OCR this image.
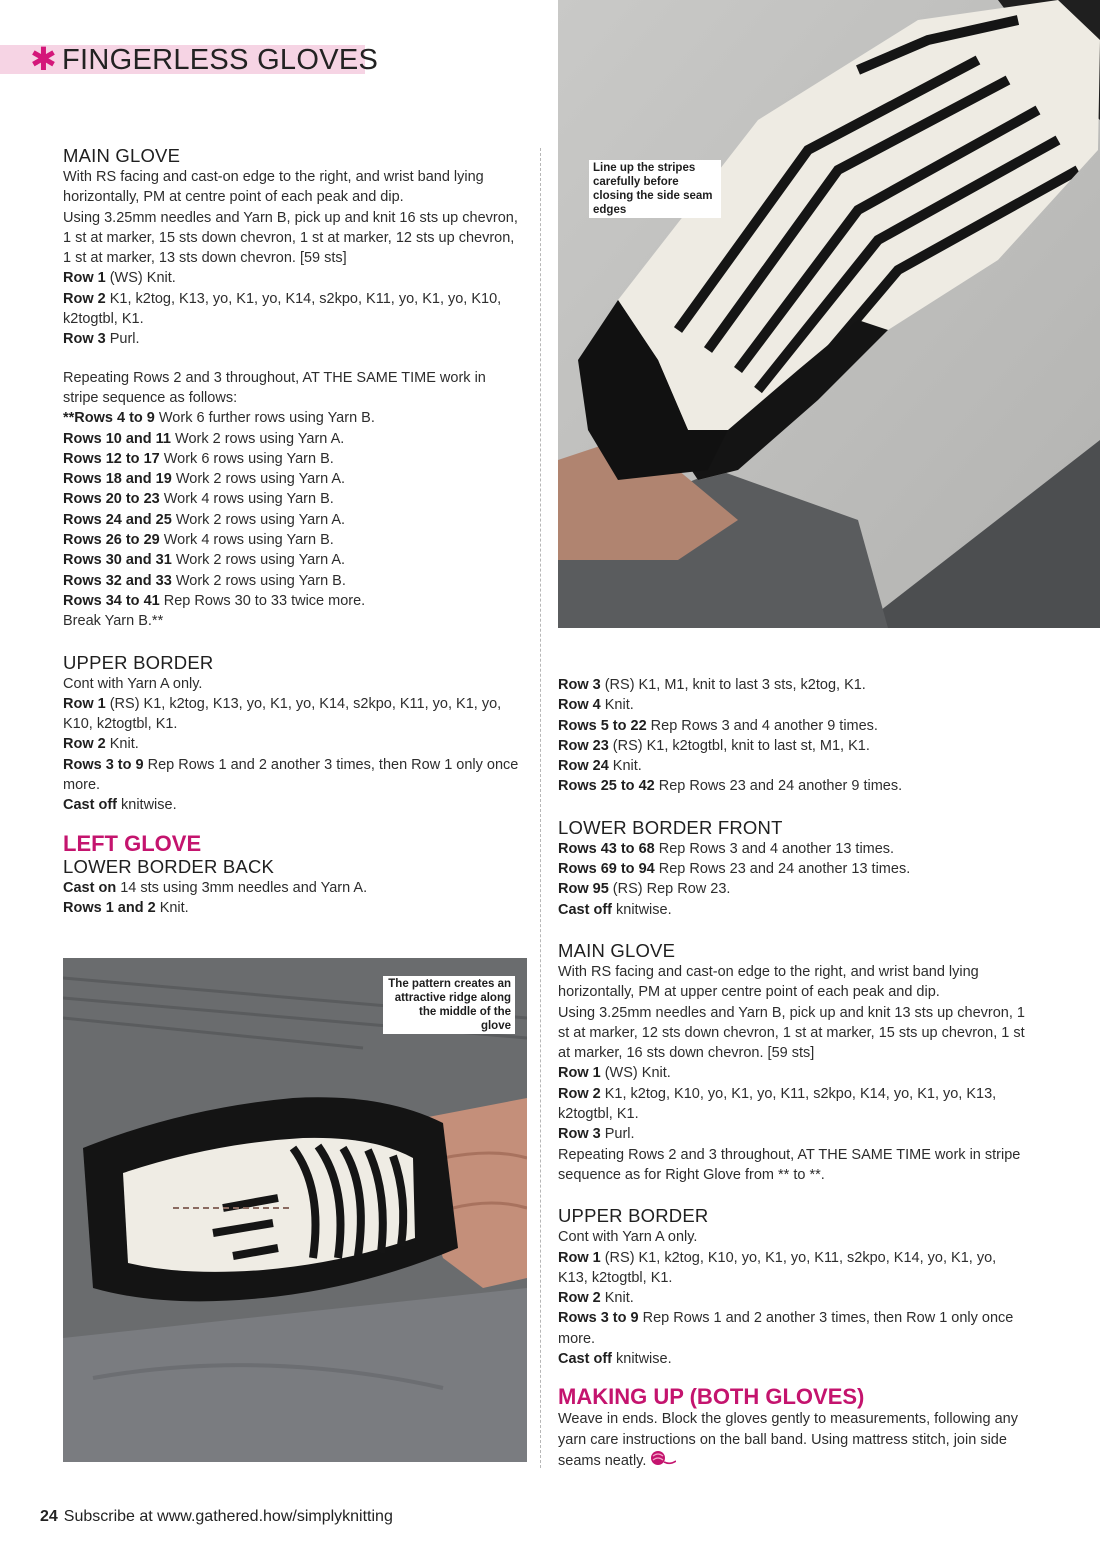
✱ FINGERLESS GLOVES
MAIN GLOVE

With RS facing and cast-on edge to the right, and wrist band lying horizontally, PM at centre point of each peak and dip.

Using 3.25mm needles and Yarn B, pick up and knit 16 sts up chevron, 1 st at marker, 15 sts down chevron, 1 st at marker, 12 sts up chevron, 1 st at marker, 13 sts down chevron. [59 sts]

Row 1 (WS) Knit.

Row 2 K1, k2tog, K13, yo, K1, yo, K14, s2kpo, K11, yo, K1, yo, K10, k2togtbl, K1.

Row 3 Purl.

Repeating Rows 2 and 3 throughout, AT THE SAME TIME work in stripe sequence as follows:

**Rows 4 to 9 Work 6 further rows using Yarn B.

Rows 10 and 11 Work 2 rows using Yarn A.

Rows 12 to 17 Work 6 rows using Yarn B.

Rows 18 and 19 Work 2 rows using Yarn A.

Rows 20 to 23 Work 4 rows using Yarn B.

Rows 24 and 25 Work 2 rows using Yarn A.

Rows 26 to 29 Work 4 rows using Yarn B.

Rows 30 and 31 Work 2 rows using Yarn A.

Rows 32 and 33 Work 2 rows using Yarn B.

Rows 34 to 41 Rep Rows 30 to 33 twice more.

Break Yarn B.**

UPPER BORDER

Cont with Yarn A only.

Row 1 (RS) K1, k2tog, K13, yo, K1, yo, K14, s2kpo, K11, yo, K1, yo, K10, k2togtbl, K1.

Row 2 Knit.

Rows 3 to 9 Rep Rows 1 and 2 another 3 times, then Row 1 only once more.

Cast off knitwise.

LEFT GLOVE
LOWER BORDER BACK

Cast on 14 sts using 3mm needles and Yarn A.

Rows 1 and 2 Knit.

Line up the stripes carefully before closing the side seam edges

Row 3 (RS) K1, M1, knit to last 3 sts, k2tog, K1.

Row 4 Knit.

Rows 5 to 22 Rep Rows 3 and 4 another 9 times.

Row 23 (RS) K1, k2togtbl, knit to last st, M1, K1.

Row 24 Knit.

Rows 25 to 42 Rep Rows 23 and 24 another 9 times.

LOWER BORDER FRONT

Rows 43 to 68 Rep Rows 3 and 4 another 13 times.

Rows 69 to 94 Rep Rows 23 and 24 another 13 times.

Row 95 (RS) Rep Row 23.

Cast off knitwise.

MAIN GLOVE

With RS facing and cast-on edge to the right, and wrist band lying horizontally, PM at upper centre point of each peak and dip.

Using 3.25mm needles and Yarn B, pick up and knit 13 sts up chevron, 1 st at marker, 12 sts down chevron, 1 st at marker, 15 sts up chevron, 1 st at marker, 16 sts down chevron. [59 sts]

Row 1 (WS) Knit.

Row 2 K1, k2tog, K10, yo, K1, yo, K11, s2kpo, K14, yo, K1, yo, K13, k2togtbl, K1.

Row 3 Purl.

Repeating Rows 2 and 3 throughout, AT THE SAME TIME work in stripe sequence as for Right Glove from ** to **.

UPPER BORDER

Cont with Yarn A only.

Row 1 (RS) K1, k2tog, K10, yo, K1, yo, K11, s2kpo, K14, yo, K1, yo, K13, k2togtbl, K1.

Row 2 Knit.

Rows 3 to 9 Rep Rows 1 and 2 another 3 times, then Row 1 only once more.

Cast off knitwise.

MAKING UP (BOTH GLOVES)

Weave in ends. Block the gloves gently to measurements, following any yarn care instructions on the ball band. Using mattress stitch, join side seams neatly.

The pattern creates an attractive ridge along the middle of the glove
24 Subscribe at www.gathered.how/simplyknitting
